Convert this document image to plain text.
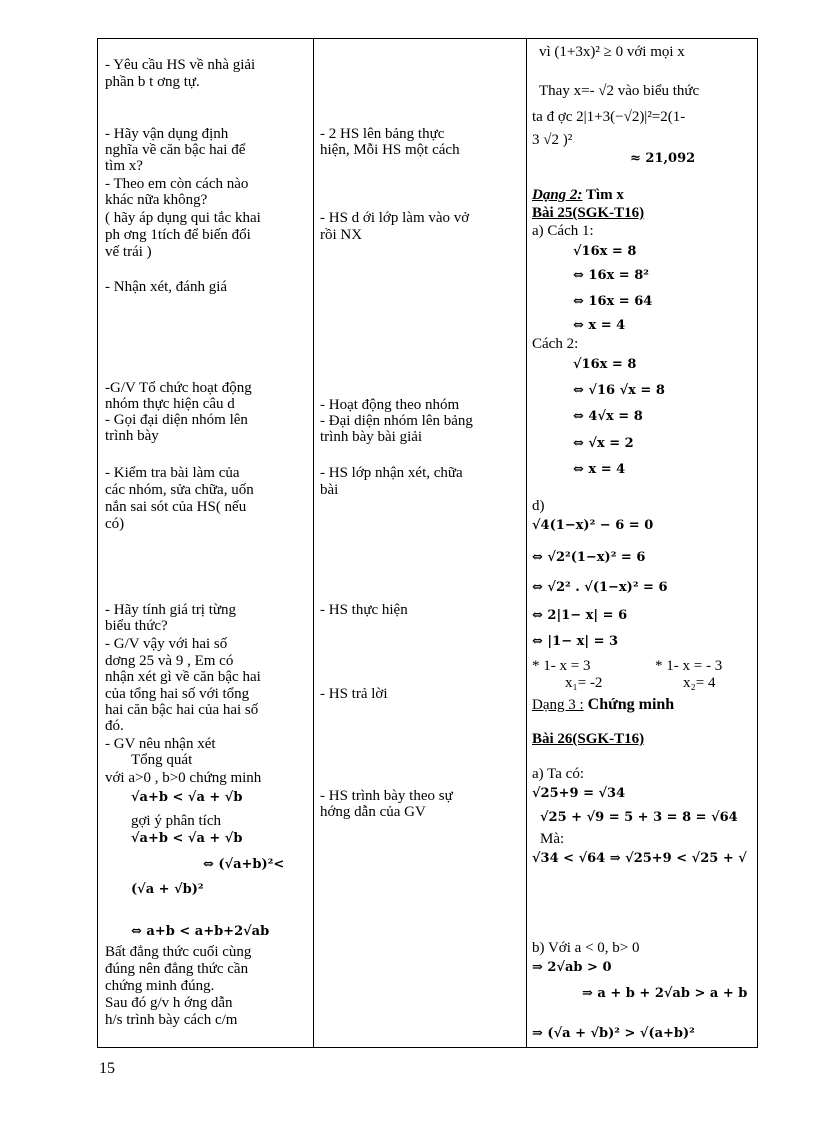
- Yêu cầu HS về nhà giải
phần b t ơng tự.
- Hãy vận dụng định
nghĩa về căn bậc hai để
tìm x?
- Theo em còn cách nào
khác nữa không?
( hãy áp dụng qui tắc khai
ph ơng 1tích để biến đổi
vế trái )
- Nhận xét, đánh giá
-G/V Tổ chức hoạt động
nhóm thực hiện câu d
- Gọi đại diện nhóm lên
trình bày
- Kiểm tra bài làm của
các nhóm, sửa chữa, uốn
nắn sai sót của HS( nếu
có)
- Hãy tính giá trị từng
biểu thức?
- G/V vậy với hai số
dơng 25 và 9 , Em có
nhận xét gì về căn bậc hai
của tổng hai số với tổng
hai căn bậc hai của hai số
đó.
- GV nêu nhận xét
Tổng quát
với a>0 , b>0 chứng minh
√a+b < √a + √b
gợi ý phân tích
√a+b < √a + √b
⇔ (√a+b)²<
(√a + √b)²
⇔ a+b < a+b+2√ab
Bất đẳng thức cuối cùng
đúng nên đẳng thức cần
chứng minh đúng.
Sau đó g/v h ớng dẫn
h/s trình bày cách c/m
- 2 HS lên bảng thực
hiện, Mỗi HS một cách
- HS d ới lớp làm vào vở
rồi NX
- Hoạt động theo nhóm
- Đại diện nhóm lên bảng
trình bày bài giải
- HS lớp nhận xét, chữa
bài
- HS thực hiện
- HS trả lời
- HS trình bày theo sự
hớng dẫn của GV
vì (1+3x)² ≥ 0 với mọi x
Thay x=- √2 vào biểu thức
ta đ ợc 2|1+3(−√2)|²=2(1-
3 √2 )²
≈ 21,092
Dạng 2: Tìm x
Bài 25(SGK-T16)
a) Cách 1:
√16x = 8
⇔ 16x = 8²
⇔ 16x = 64
⇔ x = 4
Cách 2:
√16x = 8
⇔ √16 √x = 8
⇔ 4√x = 8
⇔ √x = 2
⇔ x = 4
d)
√4(1−x)² − 6 = 0
⇔ √2²(1−x)² = 6
⇔ √2² . √(1−x)² = 6
⇔ 2|1− x| = 6
⇔ |1− x| = 3
* 1- x = 3	* 1- x = - 3
x₁= -2	x₂= 4
Dạng 3 : Chứng minh
Bài 26(SGK-T16)
a) Ta có:
√25+9 = √34
√25 + √9 = 5 + 3 = 8 = √64
Mà:
√34 < √64 ⇒ √25+9 < √25 + √
b) Với a < 0, b> 0
⇒ 2√ab > 0
⇒ a + b + 2√ab > a + b
⇒ (√a + √b)² > √(a+b)²
15
